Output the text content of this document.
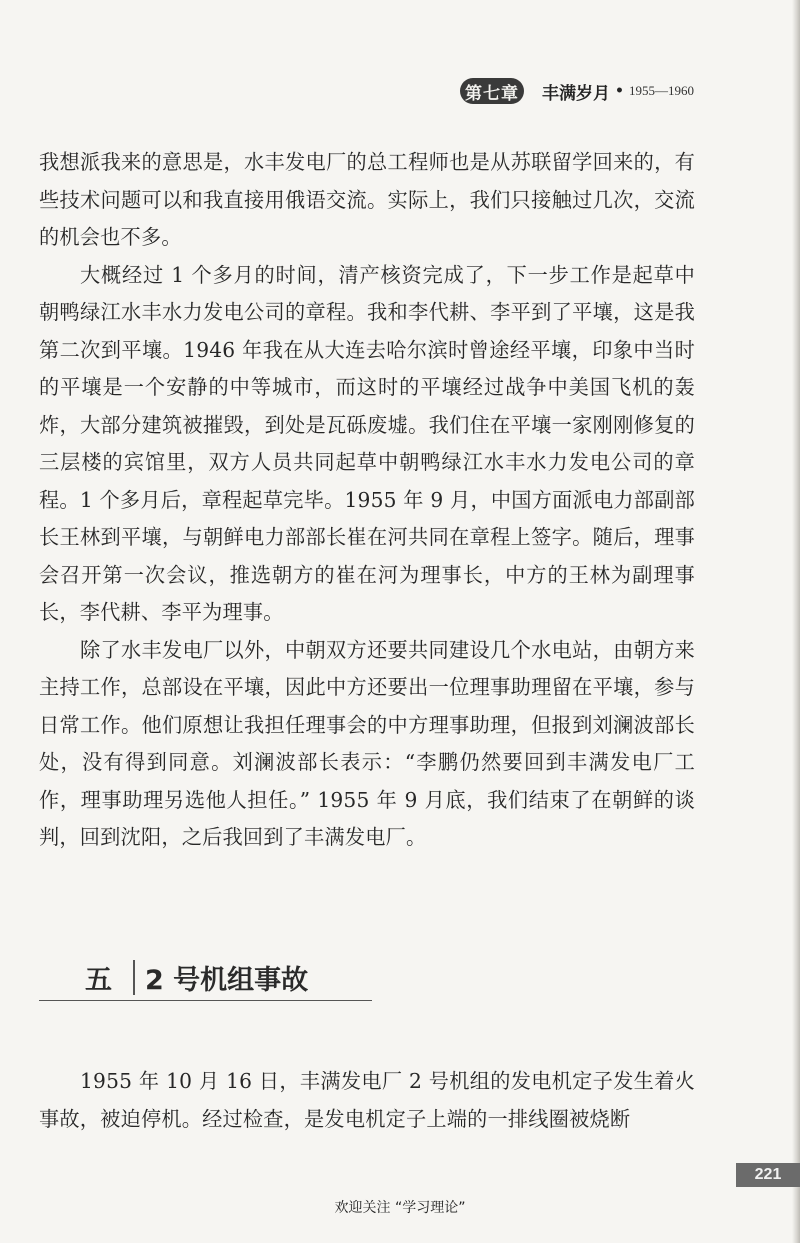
第七章 丰满岁月 • 1955—1960

我想派我来的意思是，水丰发电厂的总工程师也是从苏联留学回来的，有些技术问题可以和我直接用俄语交流。实际上，我们只接触过几次，交流的机会也不多。

大概经过 1 个多月的时间，清产核资完成了，下一步工作是起草中朝鸭绿江水丰水力发电公司的章程。我和李代耕、李平到了平壤，这是我第二次到平壤。1946 年我在从大连去哈尔滨时曾途经平壤，印象中当时的平壤是一个安静的中等城市，而这时的平壤经过战争中美国飞机的轰炸，大部分建筑被摧毁，到处是瓦砾废墟。我们住在平壤一家刚刚修复的三层楼的宾馆里，双方人员共同起草中朝鸭绿江水丰水力发电公司的章程。1 个多月后，章程起草完毕。1955 年 9 月，中国方面派电力部副部长王林到平壤，与朝鲜电力部部长崔在河共同在章程上签字。随后，理事会召开第一次会议，推选朝方的崔在河为理事长，中方的王林为副理事长，李代耕、李平为理事。

除了水丰发电厂以外，中朝双方还要共同建设几个水电站，由朝方来主持工作，总部设在平壤，因此中方还要出一位理事助理留在平壤，参与日常工作。他们原想让我担任理事会的中方理事助理，但报到刘澜波部长处，没有得到同意。刘澜波部长表示：“李鹏仍然要回到丰满发电厂工作，理事助理另选他人担任。” 1955 年 9 月底，我们结束了在朝鲜的谈判，回到沈阳，之后我回到了丰满发电厂。

五 2 号机组事故

1955 年 10 月 16 日，丰满发电厂 2 号机组的发电机定子发生着火事故，被迫停机。经过检查，是发电机定子上端的一排线圈被烧断

221
欢迎关注 “学习理论”
